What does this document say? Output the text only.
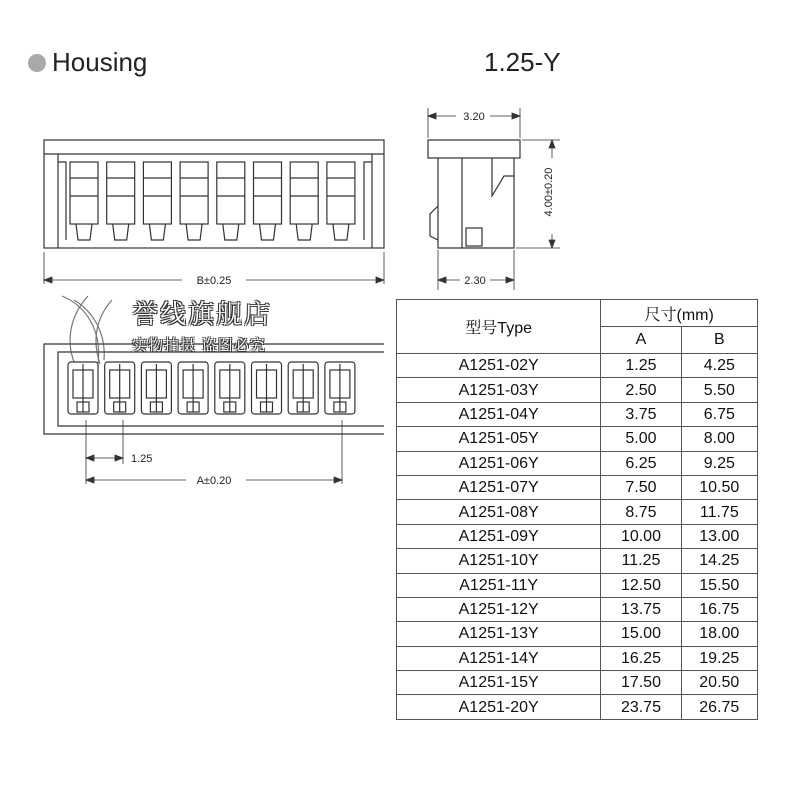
Housing	1.25-Y
B±0.25
3.20
4.00±0.20
2.30
1.25
A±0.20
誉线旗舰店
实物拍摄 盗图必究
型号Type	尺寸(mm)	
	A	B
A1251-02Y	1.25	4.25
A1251-03Y	2.50	5.50
A1251-04Y	3.75	6.75
A1251-05Y	5.00	8.00
A1251-06Y	6.25	9.25
A1251-07Y	7.50	10.50
A1251-08Y	8.75	11.75
A1251-09Y	10.00	13.00
A1251-10Y	11.25	14.25
A1251-11Y	12.50	15.50
A1251-12Y	13.75	16.75
A1251-13Y	15.00	18.00
A1251-14Y	16.25	19.25
A1251-15Y	17.50	20.50
A1251-20Y	23.75	26.75
